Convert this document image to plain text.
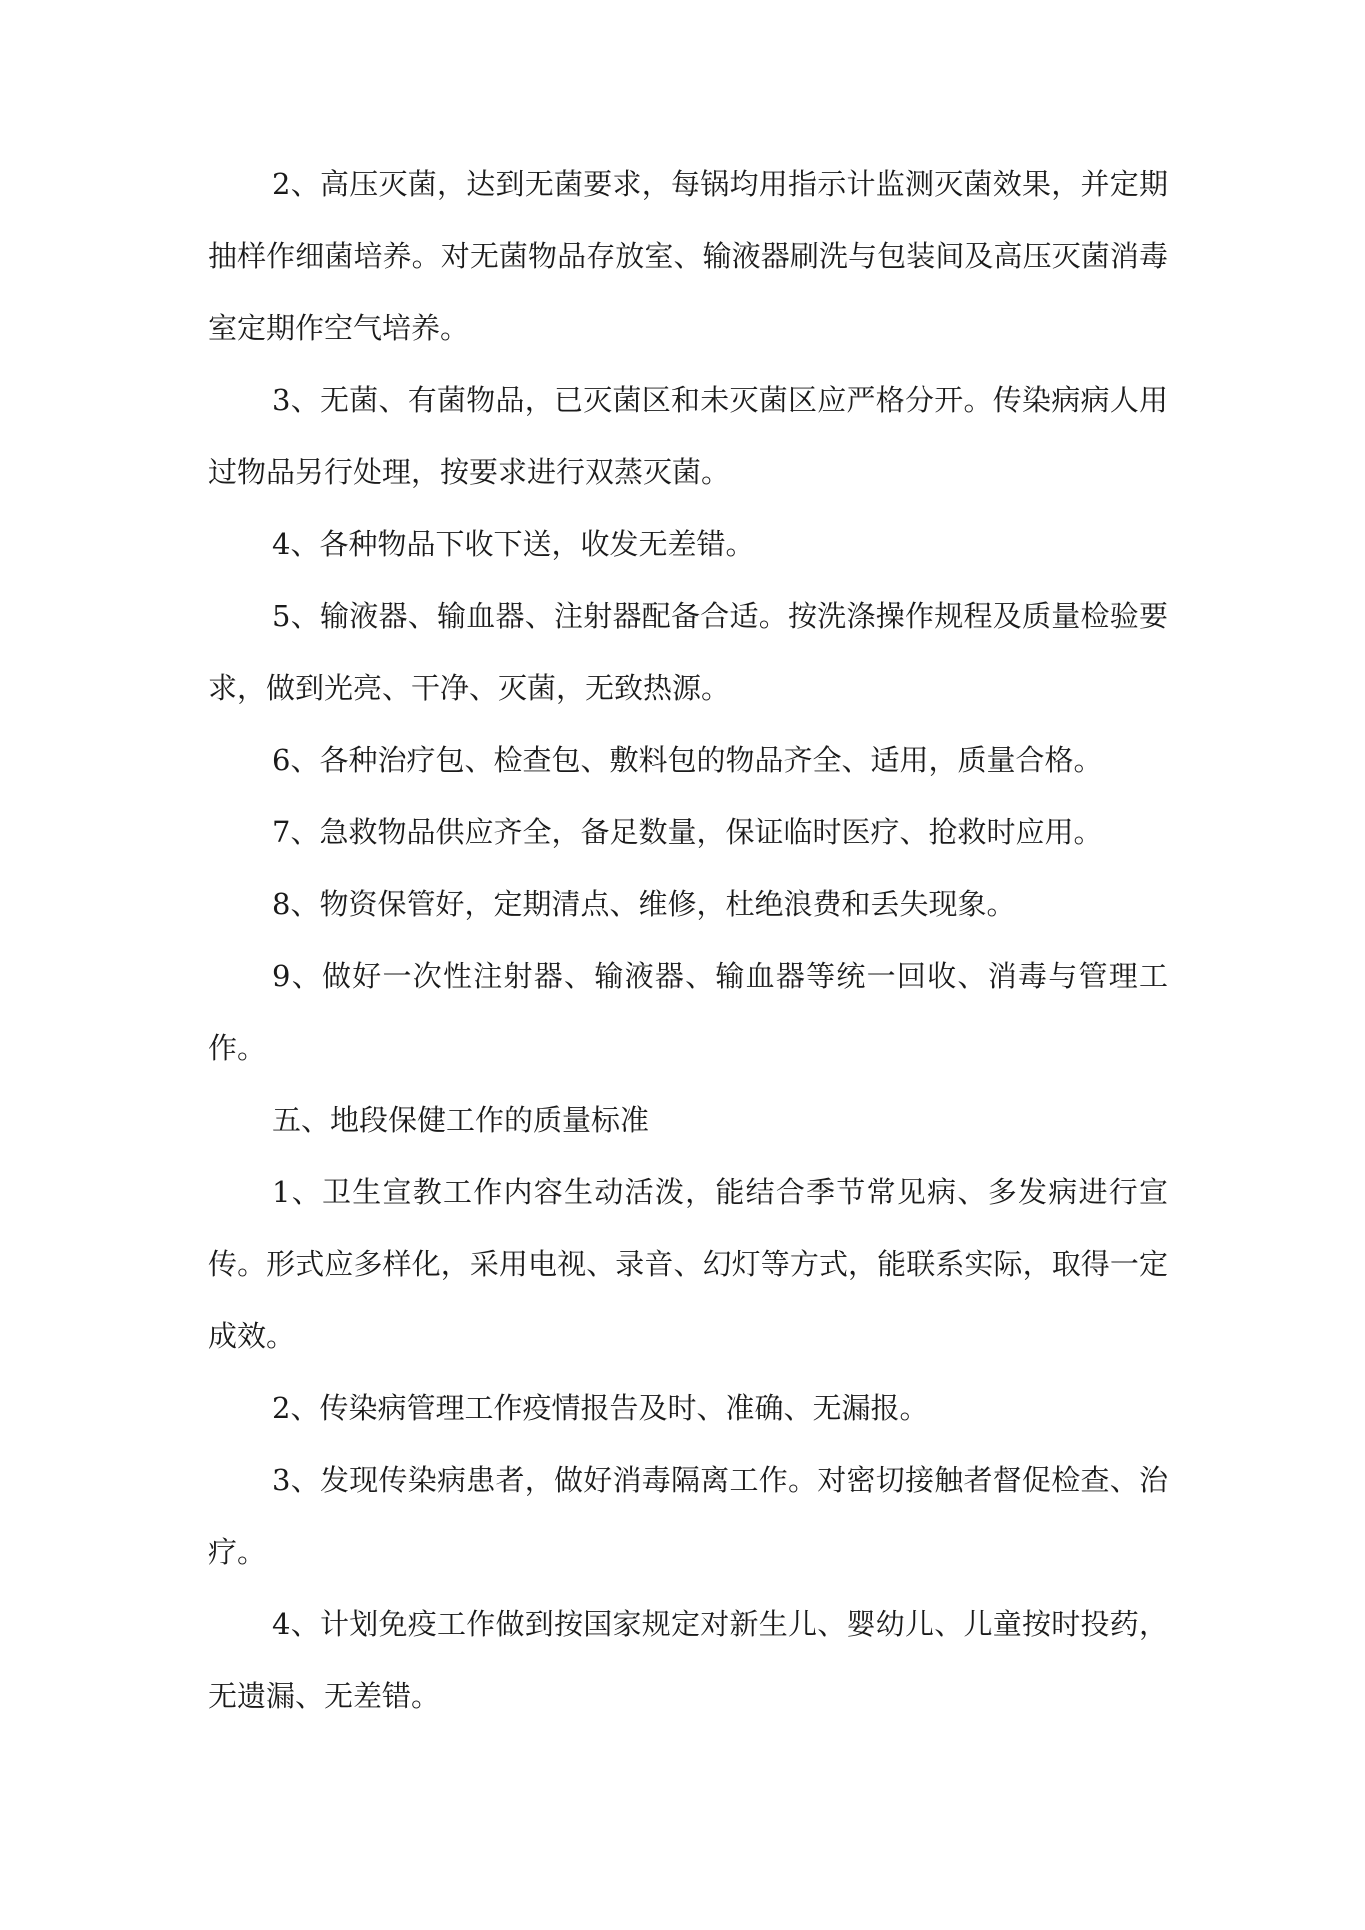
2、高压灭菌，达到无菌要求，每锅均用指示计监测灭菌效果，并定期抽样作细菌培养。对无菌物品存放室、输液器刷洗与包装间及高压灭菌消毒室定期作空气培养。

3、无菌、有菌物品，已灭菌区和未灭菌区应严格分开。传染病病人用过物品另行处理，按要求进行双蒸灭菌。

4、各种物品下收下送，收发无差错。

5、输液器、输血器、注射器配备合适。按洗涤操作规程及质量检验要求，做到光亮、干净、灭菌，无致热源。

6、各种治疗包、检查包、敷料包的物品齐全、适用，质量合格。

7、急救物品供应齐全，备足数量，保证临时医疗、抢救时应用。

8、物资保管好，定期清点、维修，杜绝浪费和丢失现象。

9、做好一次性注射器、输液器、输血器等统一回收、消毒与管理工作。

五、地段保健工作的质量标准

1、卫生宣教工作内容生动活泼，能结合季节常见病、多发病进行宣传。形式应多样化，采用电视、录音、幻灯等方式，能联系实际，取得一定成效。

2、传染病管理工作疫情报告及时、准确、无漏报。

3、发现传染病患者，做好消毒隔离工作。对密切接触者督促检查、治疗。

4、计划免疫工作做到按国家规定对新生儿、婴幼儿、儿童按时投药，无遗漏、无差错。
